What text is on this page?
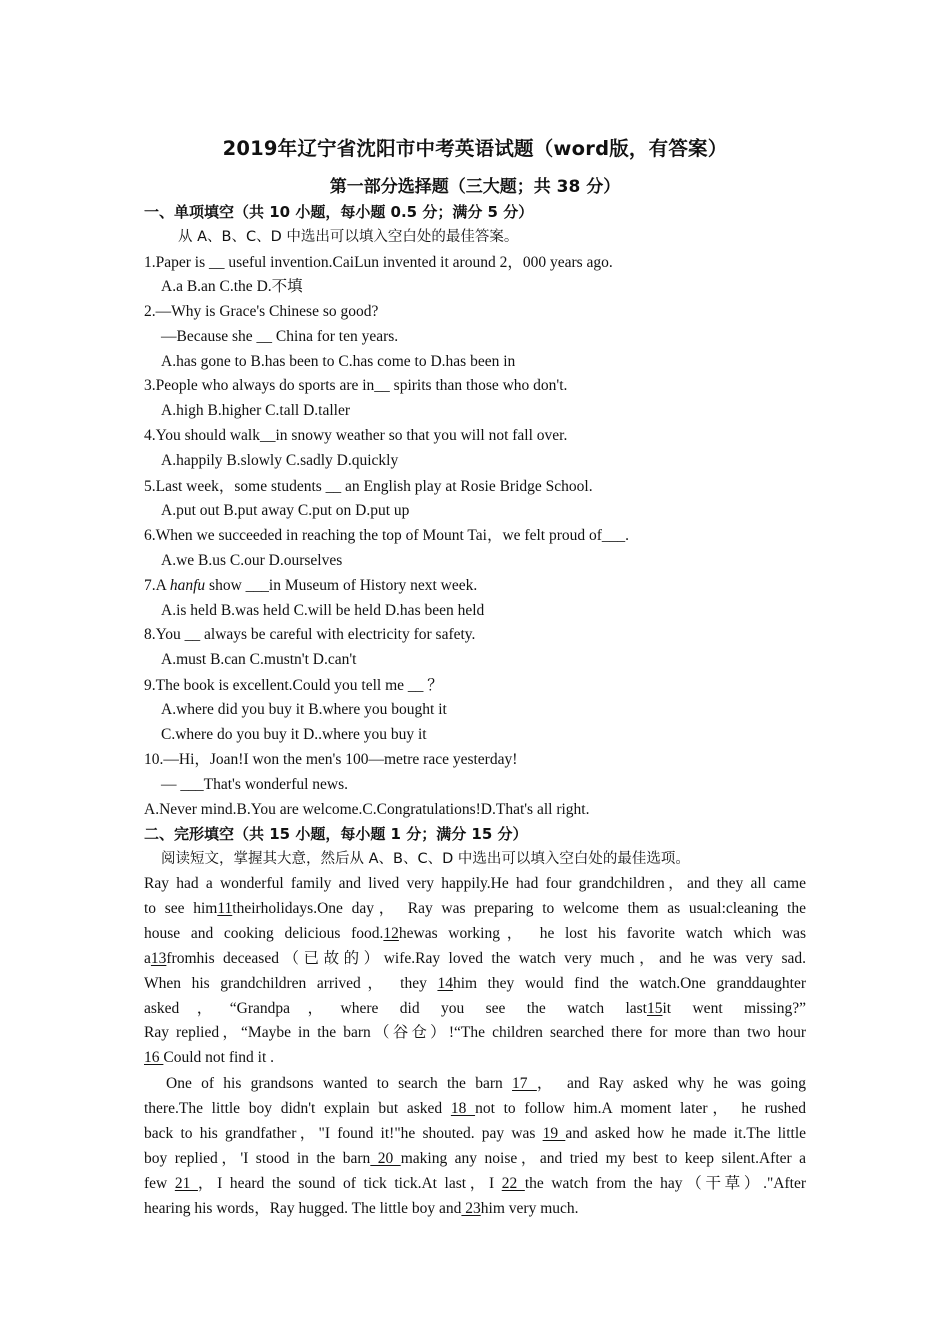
2019年辽宁省沈阳市中考英语试题（word版，有答案）
第一部分选择题（三大题；共 38 分）
一、单项填空（共 10 小题，每小题 0.5 分；满分 5 分）
从 A、B、C、D 中选出可以填入空白处的最佳答案。
1.Paper is __ useful invention.CaiLun invented it around 2，000 years ago.
A.a B.an C.the D.不填
2.—Why is Grace's Chinese so good?
—Because she __ China for ten years.
A.has gone to B.has been to C.has come to D.has been in
3.People who always do sports are in__ spirits than those who don't.
A.high B.higher C.tall D.taller
4.You should walk__in snowy weather so that you will not fall over.
A.happily B.slowly C.sadly D.quickly
5.Last week，some students __ an English play at Rosie Bridge School.
A.put out B.put away C.put on D.put up
6.When we succeeded in reaching the top of Mount Tai，we felt proud of___.
A.we B.us C.our D.ourselves
7.A hanfu show ___in Museum of History next week.
A.is held B.was held C.will be held D.has been held
8.You __ always be careful with electricity for safety.
A.must B.can C.mustn't D.can't
9.The book is excellent.Could you tell me __ ？
A.where did you buy it B.where you bought it
C.where do you buy it D..where you buy it
10.—Hi，Joan!I won the men's 100—metre race yesterday!
— ___That's wonderful news.
A.Never mind.B.You are welcome.C.Congratulations!D.That's all right.
二、完形填空（共 15 小题，每小题 1 分；满分 15 分）
阅读短文，掌握其大意，然后从 A、B、C、D 中选出可以填入空白处的最佳选项。
Ray had a wonderful family and lived very happily.He had four grandchildren，and they all came
to see him11theirholidays.One day， Ray was preparing to welcome them as usual:cleaning the
house and cooking delicious food.12hewas working， he lost his favorite watch which was
a13fromhis deceased（已故的）wife.Ray loved the watch very much，and he was very sad.
When his grandchildren arrived， they 14him they would find the watch.One granddaughter
asked，“Grandpa，where did you see the watch last15it went missing?”
Ray replied，“Maybe in the barn（谷仓）!“The children searched there for more than two hour
16 Could not find it .
One of his grandsons wanted to search the barn 17 ， and Ray asked why he was going
there.The little boy didn't explain but asked 18 not to follow him.A moment later， he rushed
back to his grandfather，"I found it!"he shouted. pay was 19 and asked how he made it.The little
boy replied，'I stood in the barn 20 making any noise，and tried my best to keep silent.After a
few 21 ，I heard the sound of tick tick.At last，I 22 the watch from the hay（干草）."After
hearing his words，Ray hugged. The little boy and 23him very much.
